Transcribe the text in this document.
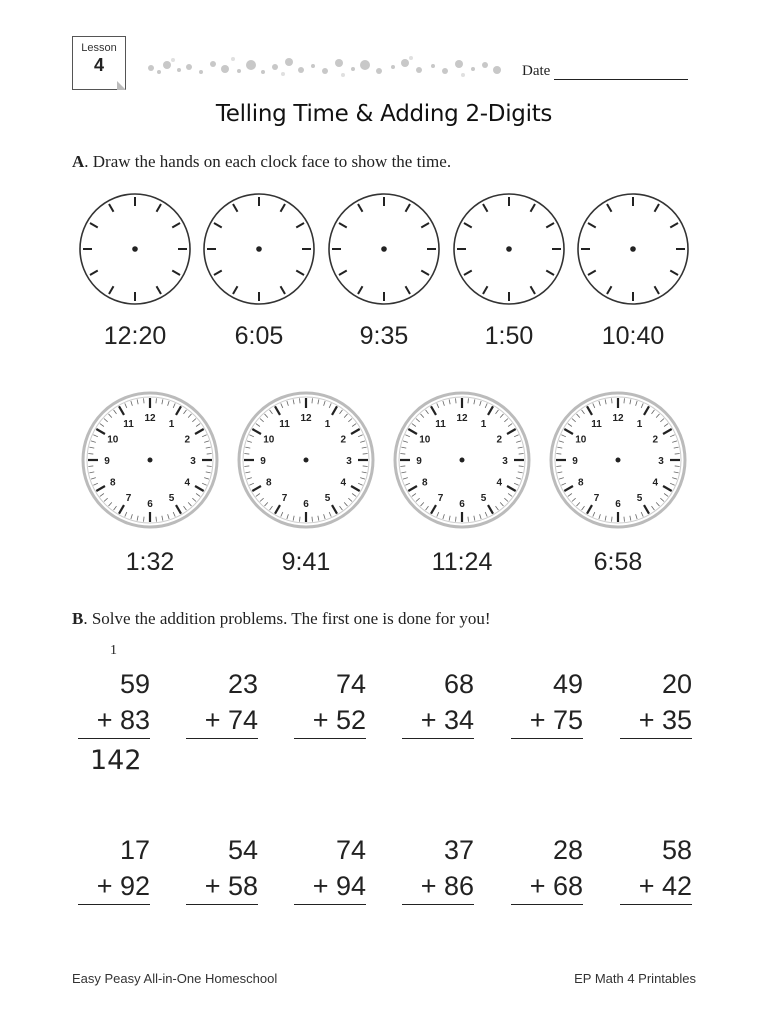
Lesson
4	Date
Telling Time & Adding 2-Digits
A. Draw the hands on each clock face to show the time.
B. Solve the addition problems. The first one is done for you!
1
Easy Peasy All-in-One Homeschool	EP Math 4 Printables
12:20	6:05	9:35	1:50	10:40
12
1
2
3
4
5
6
7
8
9
10
11
1:32
12
1
2
3
4
5
6
7
8
9
10
11
9:41
12
1
2
3
4
5
6
7
8
9
10
11
11:24
12
1
2
3
4
5
6
7
8
9
10
11
6:58
59
+ 83
142
23
+ 74
74
+ 52
68
+ 34
49
+ 75
20
+ 35
17
+ 92
54
+ 58
74
+ 94
37
+ 86
28
+ 68
58
+ 42
